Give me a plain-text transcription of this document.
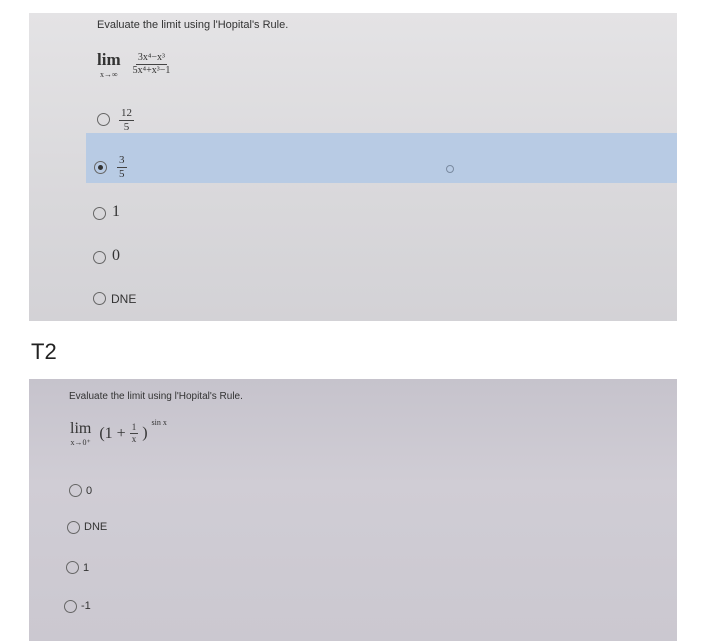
Evaluate the limit using l'Hopital's Rule.
lim
x→∞
$\frac{\text{3x⁴−x³}}{\text{5x⁴+x³−1}}$
$\frac{12}{5}$
$\frac{3}{5}$
1
0
DNE
T2
Evaluate the limit using l'Hopital's Rule.
lim
x→0⁺
($1 + \frac{1}{x}$ ) $^{sin x}$
0
DNE
1
-1
